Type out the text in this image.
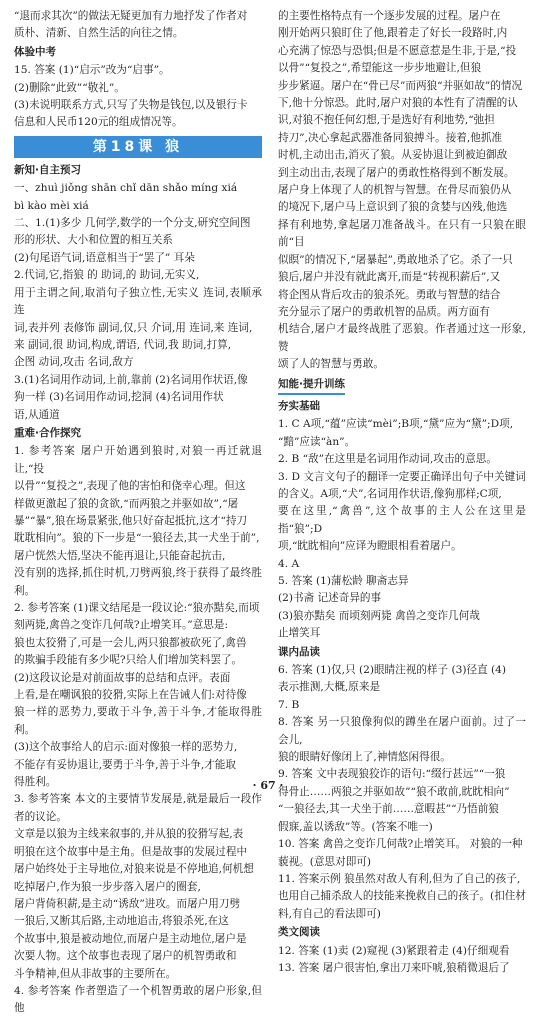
“退而求其次”的做法无疑更加有力地抒发了作者对
质朴、清新、自然生活的向往之情。
体验中考
15. 答案 (1)“启示”改为“启事”。
(2)删除“此致”“敬礼”。
(3)未说明联系方式,只写了失物是钱包,以及银行卡
信息和人民币120元的组成情况等。
第18课 狼
新知·自主预习
一、zhuì jiǒng shān chǐ dān shǎo míng xiá
bì kào mèi xiá
二、1.(1)多少 几何学,数学的一个分支,研究空间图
形的形状、大小和位置的相互关系
(2)句尾语气词,语意相当于“罢了” 耳朵
2.代词,它,指狼 的 助词,的 助词,无实义,
用于主谓之间,取消句子独立性,无实义 连词,表顺承 连
词,表并列 表修饰 副词,仅,只 介词,用 连词,来 连词,
来 副词,很 助词,构成,谓语, 代词,我 助词,打算,
企图 动词,攻击 名词,敌方
3.(1)名词用作动词,上前,靠前 (2)名词用作状语,像
狗一样 (3)名词用作动词,挖洞 (4)名词用作状
语,从通道
重难·合作探究
1. 参考答案 屠户开始遇到狼时,对狼一再迁就退让,“投
以骨”“复投之”,表现了他的害怕和侥幸心理。但这
样做更激起了狼的贪欲,“而两狼之并驱如故”,“屠
暴”“暴”,狼在场景紧张,他只好奋起抵抗,这才“持刀
耽耽相向”。狼的下一步是“一狼径去,其一犬坐于前”,
屠户恍然大悟,坚决不能再退让,只能奋起抗击,
没有别的选择,抓住时机,刀劈两狼,终于获得了最终胜利。
2. 参考答案 (1)课文结尾是一段议论:“狼亦黠矣,而顷
刻两毙,禽兽之变诈几何哉?止增笑耳。”意思是:
狼也太狡猾了,可是一会儿,两只狼都被砍死了,禽兽
的欺骗手段能有多少呢?只给人们增加笑料罢了。
(2)这段议论是对前面故事的总结和点评。表面
上看,是在嘲讽狼的狡猾,实际上在告诫人们:对待像
狼一样的恶势力,要敢于斗争,善于斗争,才能取得胜利。
(3)这个故事给人的启示:面对像狼一样的恶势力,
不能存有妥协退让,要勇于斗争,善于斗争,才能取
得胜利。
3. 参考答案 本文的主要情节发展是,就是最后一段作者的议论。
文章是以狼为主线来叙事的,并从狼的狡猾写起,表
明狼在这个故事中是主角。但是故事的发展过程中
屠户始终处于主导地位,对狼来说是不停地追,何机想
吃掉屠户,作为狼一步步落入屠户的圈套,
屠户背倚积薪,是主动“诱敌”进攻。而屠户用刀劈
一狼后,又断其后路,主动地追击,将狼杀死,在这
个故事中,狼是被动地位,而屠户是主动地位,屠户是
次要人物。这个故事也表现了屠户的机智勇敢和
斗争精神,但从非故事的主要所在。
4. 参考答案 作者塑造了一个机智勇敢的屠户形象,但他
的主要性格特点有一个逐步发展的过程。屠户在
刚开始两只狼盯住了他,跟着走了好长一段路时,内
心充满了惊恐与恐惧;但是不愿意惹是生非,于是,“投
以骨”“复投之”,希望能这一步步地避让,但狼
步步紧逼。屠户在“骨已尽”而两狼“并驱如故”的情况
下,他十分惊恐。此时,屠户对狼的本性有了清醒的认
识,对狼不抱任何幻想,于是选好有利地势,“弛担
持刀”,决心拿起武器准备同狼搏斗。接着,他抓准
时机,主动出击,消灭了狼。从妥协退让到被迫御敌
到主动出击,表现了屠户的勇敢性格得到不断发展。
屠户身上体现了人的机智与智慧。在骨尽而狼仍从
的境况下,屠户马上意识到了狼的贪婪与凶残,他选
择有利地势,拿起屠刀准备战斗。在只有一只狼在眼前“目
似瞑”的情况下,“屠暴起”,勇敢地杀了它。杀了一只
狼后,屠户并没有就此离开,而是“转视积薪后”,又
将企图从背后攻击的狼杀死。勇敢与智慧的结合
充分显示了屠户的勇敢机智的品质。两方面有
机结合,屠户才最终战胜了恶狼。作者通过这一形象,赞
颂了人的智慧与勇敢。
知能·提升训练
夯实基础
1. C A项,“蕴”应读“mèi”;B项,“黛”应为“黛”;D项,
“黯”应读“àn”。
2. B “敌”在这里是名词用作动词,攻击的意思。
3. D 文言文句子的翻译一定要正确译出句子中关键词
的含义。A项,“犬”,名词用作状语,像狗那样;C项,
要在这里,“禽兽”,这个故事的主人公在这里是指“狼”;D
项,“眈眈相向”应译为瞪眼相看着屠户。
4. A
5. 答案 (1)蒲松龄 聊斋志异
(2)书斋 记述奇异的事
(3)狼亦黠矣 而顷刻两毙 禽兽之变诈几何哉
止增笑耳
课内品读
6. 答案 (1)仅,只 (2)眼睛注视的样子 (3)径直 (4)
表示推测,大概,原来是
7. B
8. 答案 另一只狼像狗似的蹲坐在屠户面前。过了一会儿,
狼的眼睛好像闭上了,神情悠闲得很。
9. 答案 文中表现狼狡诈的语句:“缀行甚远”“一狼
得骨止……两狼之并驱如故”“狼不敢前,眈眈相向”
“一狼径去,其一犬坐于前……意暇甚”“乃悟前狼
假寐,盖以诱敌”等。(答案不唯一)
10. 答案 禽兽之变诈几何哉?止增笑耳。 对狼的一种
藐视。(意思对即可)
11. 答案示例 狼虽然对敌人有利,但为了自己的孩子,
也用自己捕杀敌人的技能来挽救自己的孩子。(扣住材料,有自己的看法即可)
类文阅读
12. 答案 (1)卖 (2)窥视 (3)紧跟着走 (4)仔细观看
13. 答案 屠户很害怕,拿出刀来吓唬,狼稍微退后了
· 67 ·
